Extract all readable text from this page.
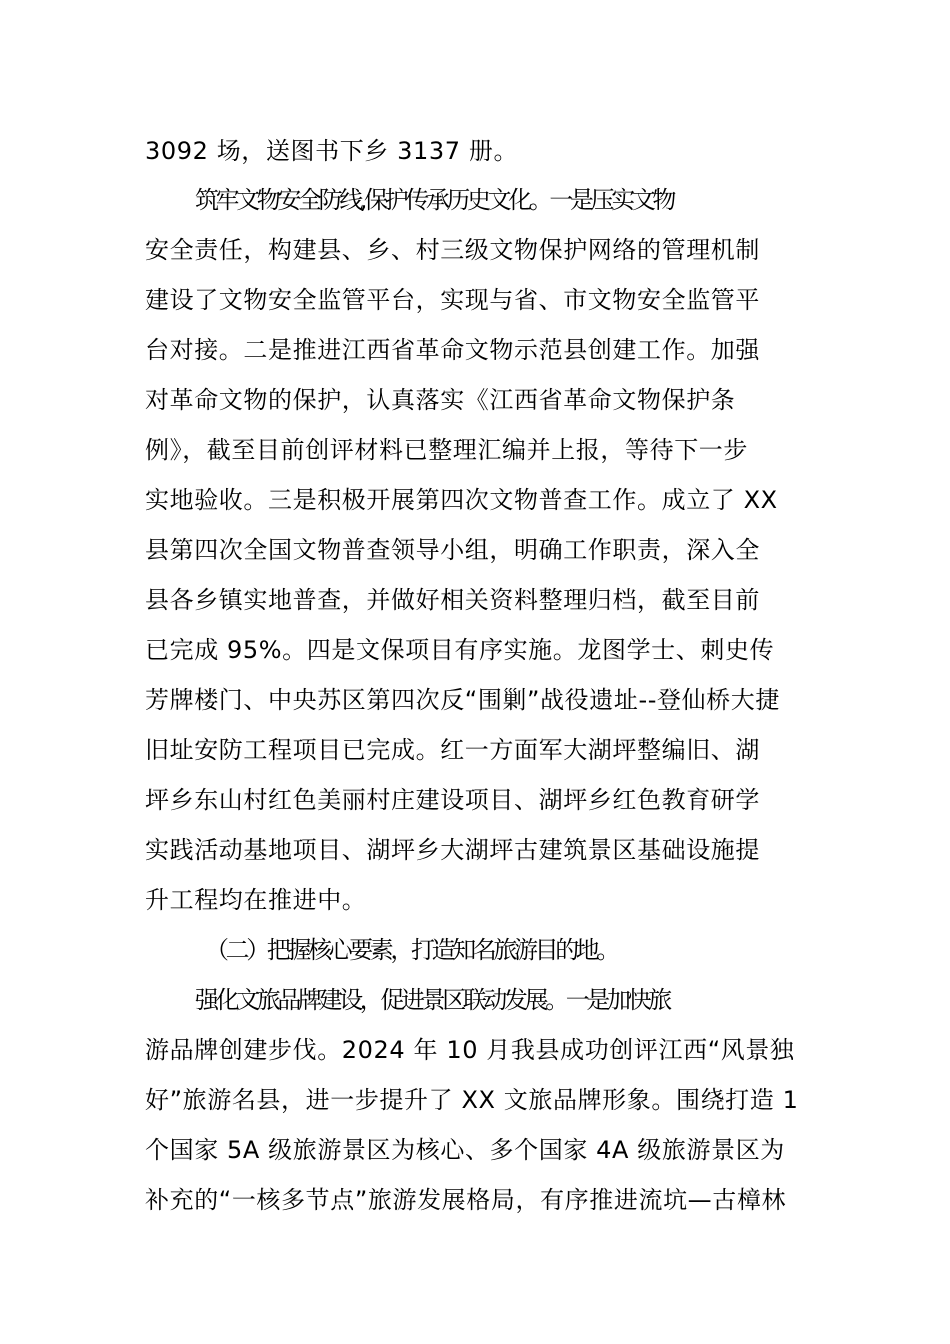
3092 场，送图书下乡 3137 册。
筑牢文物安全防线,保护传承历史文化。一是压实文物
安全责任，构建县、乡、村三级文物保护网络的管理机制
建设了文物安全监管平台，实现与省、市文物安全监管平
台对接。二是推进江西省革命文物示范县创建工作。加强
对革命文物的保护，认真落实《江西省革命文物保护条
例》，截至目前创评材料已整理汇编并上报，等待下一步
实地验收。三是积极开展第四次文物普查工作。成立了 XX
县第四次全国文物普查领导小组，明确工作职责，深入全
县各乡镇实地普查，并做好相关资料整理归档，截至目前
已完成 95%。四是文保项目有序实施。龙图学士、刺史传
芳牌楼门、中央苏区第四次反“围剿”战役遗址--登仙桥大捷
旧址安防工程项目已完成。红一方面军大湖坪整编旧、湖
坪乡东山村红色美丽村庄建设项目、湖坪乡红色教育研学
实践活动基地项目、湖坪乡大湖坪古建筑景区基础设施提
升工程均在推进中。
（二）把握核心要素，打造知名旅游目的地。
强化文旅品牌建设，促进景区联动发展。一是加快旅
游品牌创建步伐。2024 年 10 月我县成功创评江西“风景独
好”旅游名县，进一步提升了 XX 文旅品牌形象。围绕打造 1
个国家 5A 级旅游景区为核心、多个国家 4A 级旅游景区为
补充的“一核多节点”旅游发展格局，有序推进流坑—古樟林
